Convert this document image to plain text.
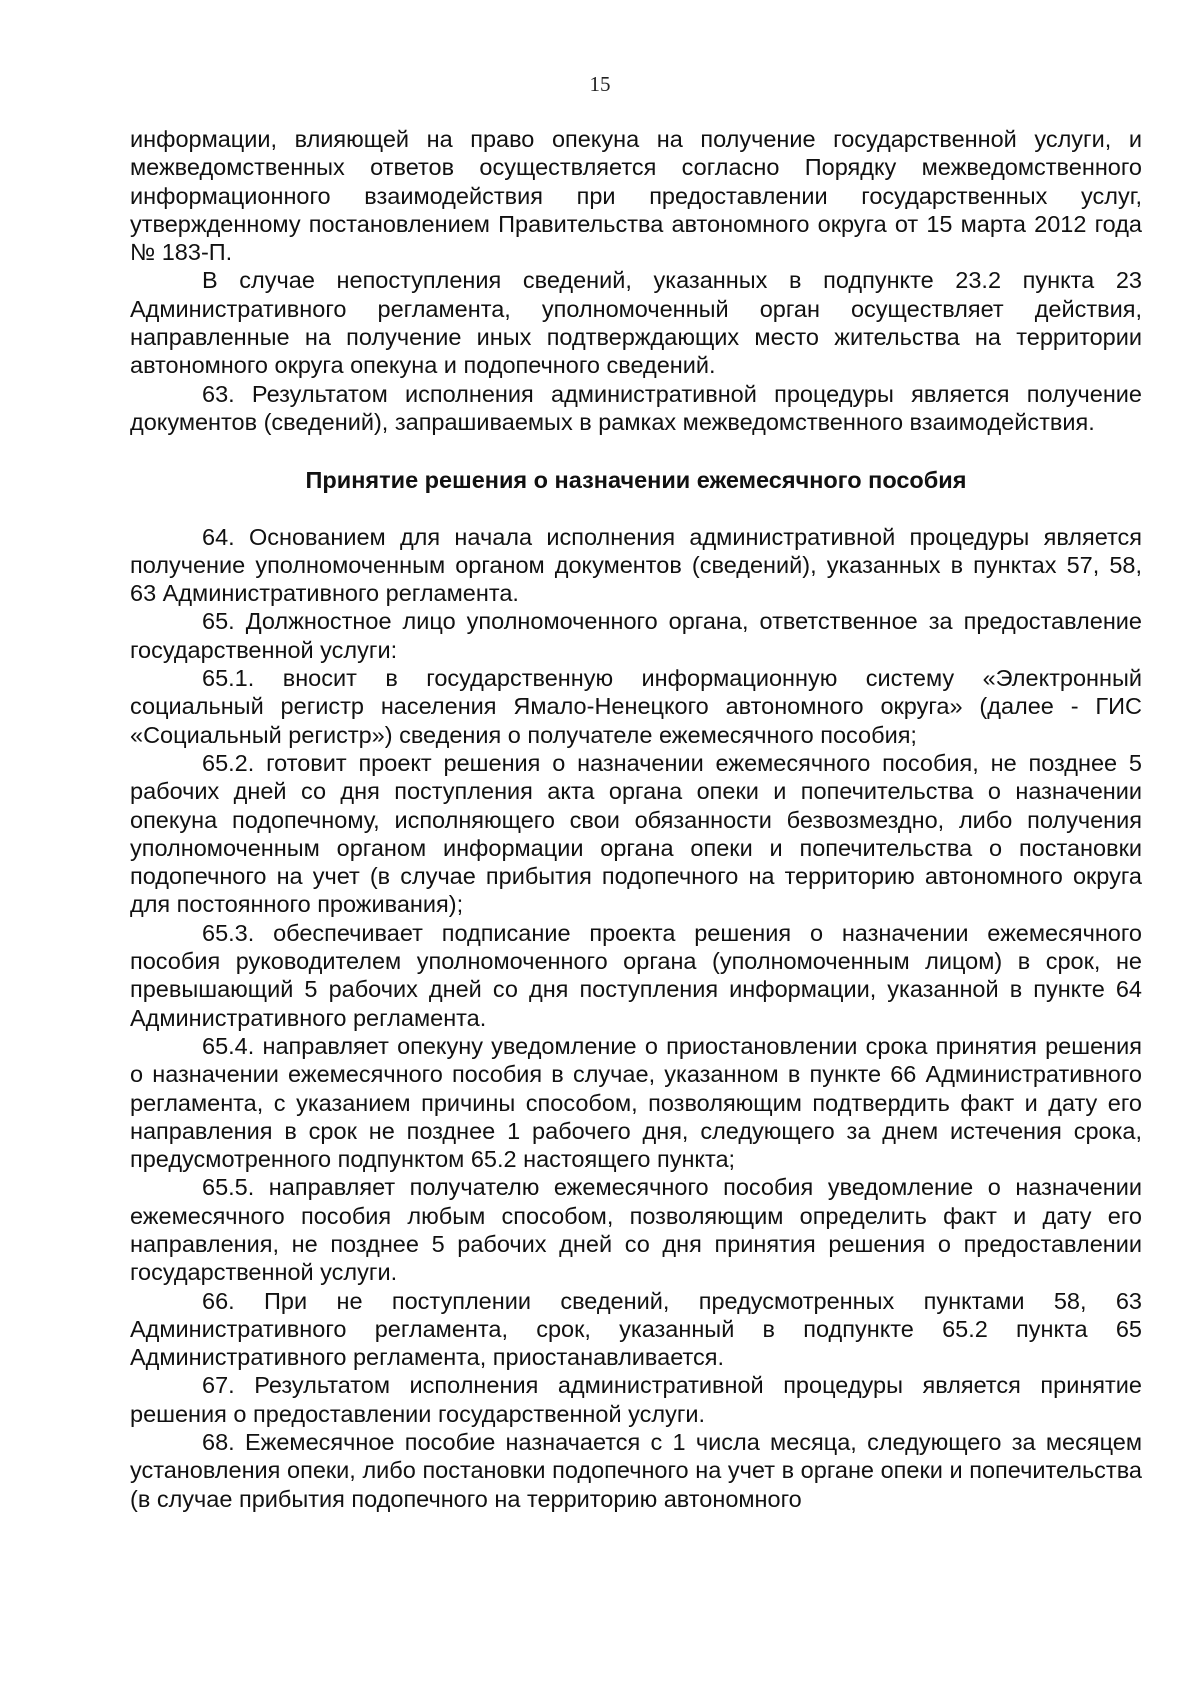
15

информации, влияющей на право опекуна на получение государственной услуги, и межведомственных ответов осуществляется согласно Порядку межведомственного информационного взаимодействия при предоставлении государственных услуг, утвержденному постановлением Правительства автономного округа от 15 марта 2012 года № 183-П.

В случае непоступления сведений, указанных в подпункте 23.2 пункта 23 Административного регламента, уполномоченный орган осуществляет действия, направленные на получение иных подтверждающих место жительства на территории автономного округа опекуна и подопечного сведений.

63. Результатом исполнения административной процедуры является получение документов (сведений), запрашиваемых в рамках межведомственного взаимодействия.

Принятие решения о назначении ежемесячного пособия

64. Основанием для начала исполнения административной процедуры является получение уполномоченным органом документов (сведений), указанных в пунктах 57, 58, 63 Административного регламента.

65. Должностное лицо уполномоченного органа, ответственное за предоставление государственной услуги:

65.1. вносит в государственную информационную систему «Электронный социальный регистр населения Ямало-Ненецкого автономного округа» (далее - ГИС «Социальный регистр») сведения о получателе ежемесячного пособия;

65.2. готовит проект решения о назначении ежемесячного пособия, не позднее 5 рабочих дней со дня поступления акта органа опеки и попечительства о назначении опекуна подопечному, исполняющего свои обязанности безвозмездно, либо получения уполномоченным органом информации органа опеки и попечительства о постановки подопечного на учет (в случае прибытия подопечного на территорию автономного округа для постоянного проживания);

65.3. обеспечивает подписание проекта решения о назначении ежемесячного пособия руководителем уполномоченного органа (уполномоченным лицом) в срок, не превышающий 5 рабочих дней со дня поступления информации, указанной в пункте 64 Административного регламента.

65.4. направляет опекуну уведомление о приостановлении срока принятия решения о назначении ежемесячного пособия в случае, указанном в пункте 66 Административного регламента, с указанием причины способом, позволяющим подтвердить факт и дату его направления в срок не позднее 1 рабочего дня, следующего за днем истечения срока, предусмотренного подпунктом 65.2 настоящего пункта;

65.5. направляет получателю ежемесячного пособия уведомление о назначении ежемесячного пособия любым способом, позволяющим определить факт и дату его направления, не позднее 5 рабочих дней со дня принятия решения о предоставлении государственной услуги.

66. При не поступлении сведений, предусмотренных пунктами 58, 63 Административного регламента, срок, указанный в подпункте 65.2 пункта 65 Административного регламента, приостанавливается.

67. Результатом исполнения административной процедуры является принятие решения о предоставлении государственной услуги.

68. Ежемесячное пособие назначается с 1 числа месяца, следующего за месяцем установления опеки, либо постановки подопечного на учет в органе опеки и попечительства (в случае прибытия подопечного на территорию автономного
